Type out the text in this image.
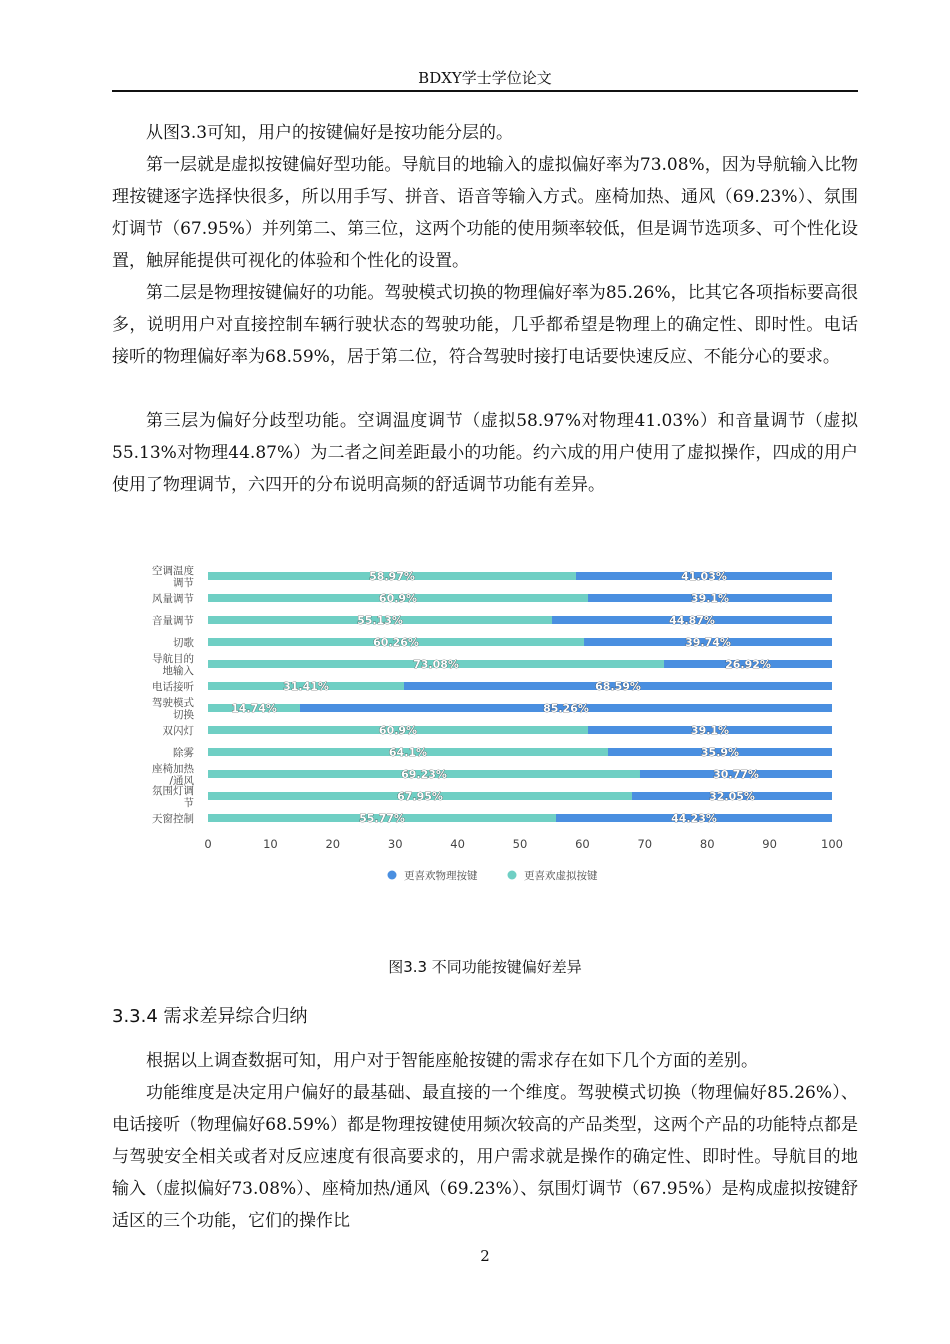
BDXY学士学位论文

从图3.3可知，用户的按键偏好是按功能分层的。

第一层就是虚拟按键偏好型功能。导航目的地输入的虚拟偏好率为73.08%，因为导航输入比物理按键逐字选择快很多，所以用手写、拼音、语音等输入方式。座椅加热、通风（69.23%）、氛围灯调节（67.95%）并列第二、第三位，这两个功能的使用频率较低，但是调节选项多、可个性化设置，触屏能提供可视化的体验和个性化的设置。

第二层是物理按键偏好的功能。驾驶模式切换的物理偏好率为85.26%，比其它各项指标要高很多，说明用户对直接控制车辆行驶状态的驾驶功能，几乎都希望是物理上的确定性、即时性。电话接听的物理偏好率为68.59%，居于第二位，符合驾驶时接打电话要快速反应、不能分心的要求。

第三层为偏好分歧型功能。空调温度调节（虚拟58.97%对物理41.03%）和音量调节（虚拟55.13%对物理44.87%）为二者之间差距最小的功能。约六成的用户使用了虚拟操作，四成的用户使用了物理调节，六四开的分布说明高频的舒适调节功能有差异。

58.97%	41.03%
空调温度
调节
60.9%	39.1%
风量调节
55.13%	44.87%
音量调节
60.26%	39.74%
切歌
73.08%	26.92%
导航目的
地输入
31.41%	68.59%
电话接听
14.74%	85.26%
驾驶模式
切换
60.9%	39.1%
双闪灯
64.1%	35.9%
除雾
69.23%	30.77%
座椅加热
/通风
67.95%	32.05%
氛围灯调
节
55.77%	44.23%
天窗控制
0	10	20	30	40	50	60	70	80	90	100
更喜欢物理按键	更喜欢虚拟按键
图3.3 不同功能按键偏好差异
3.3.4 需求差异综合归纳

根据以上调查数据可知，用户对于智能座舱按键的需求存在如下几个方面的差别。

功能维度是决定用户偏好的最基础、最直接的一个维度。驾驶模式切换（物理偏好85.26%）、电话接听（物理偏好68.59%）都是物理按键使用频次较高的产品类型，这两个产品的功能特点都是与驾驶安全相关或者对反应速度有很高要求的，用户需求就是操作的确定性、即时性。导航目的地输入（虚拟偏好73.08%）、座椅加热/通风（69.23%）、氛围灯调节（67.95%）是构成虚拟按键舒适区的三个功能，它们的操作比

2
